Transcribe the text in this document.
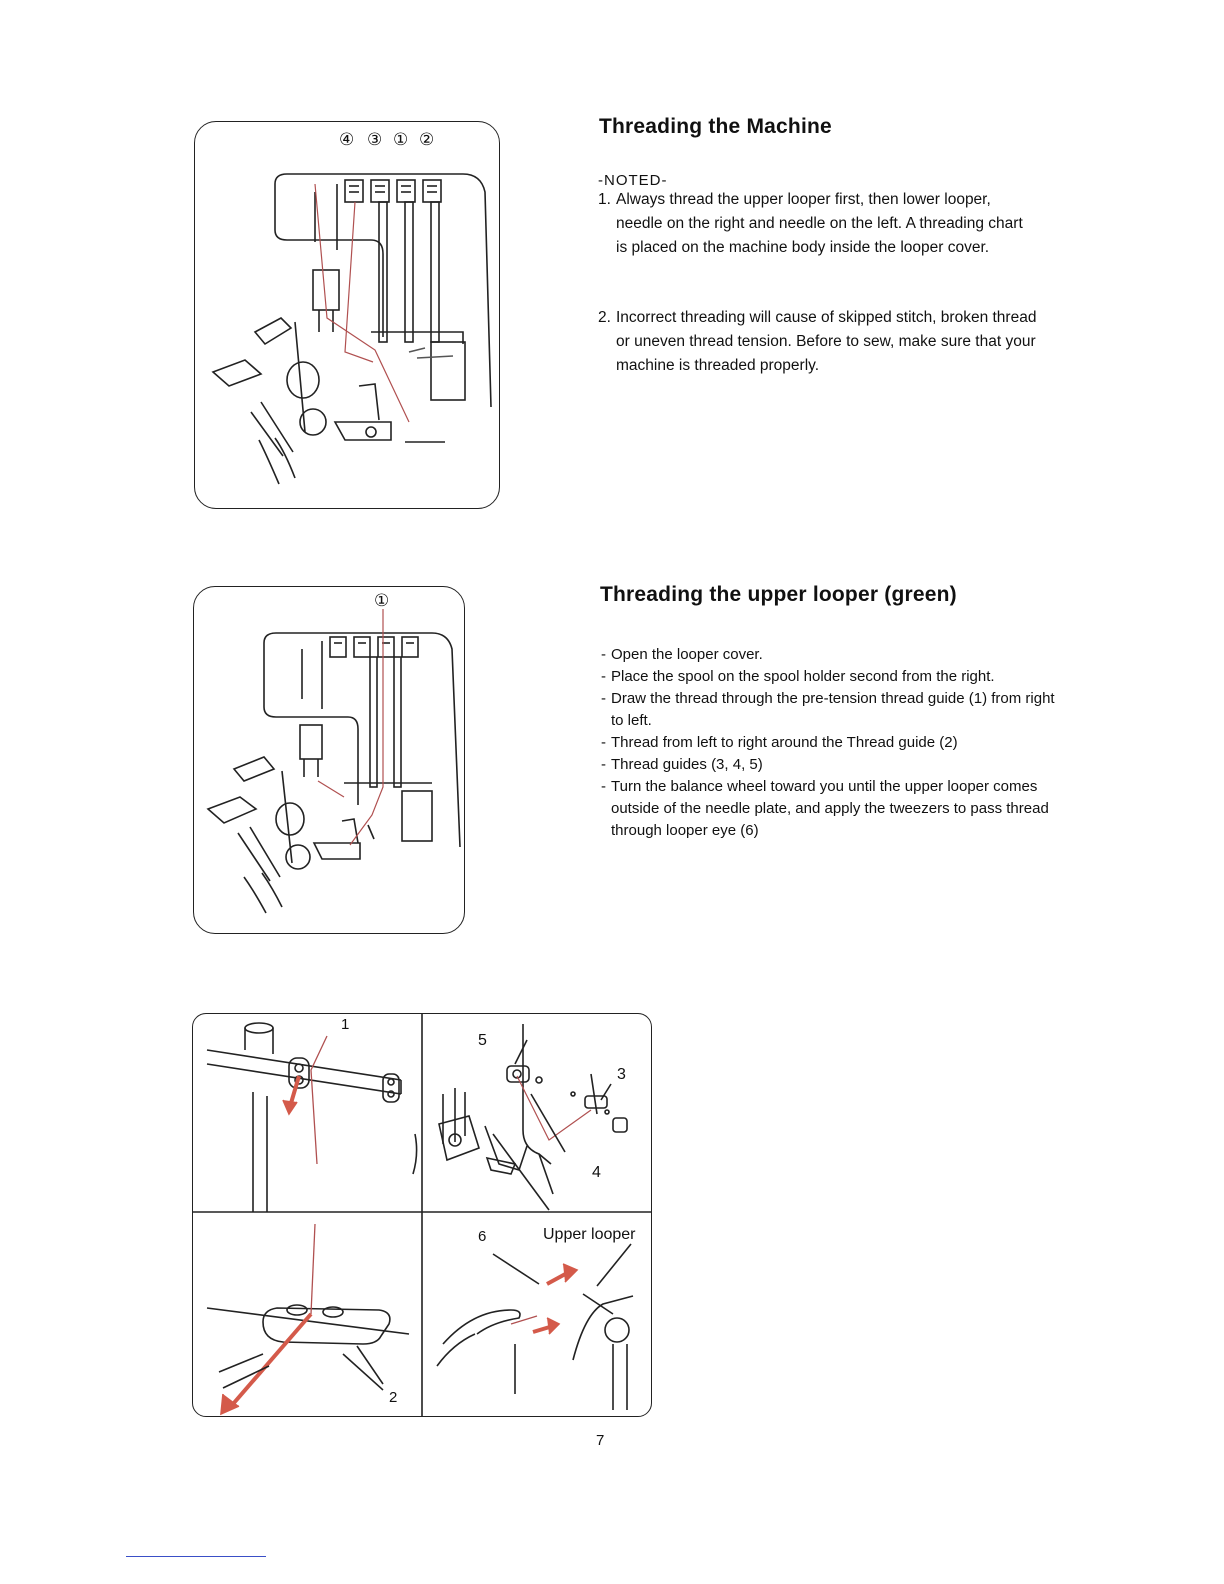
④ ③ ① ②
Threading the Machine
-NOTED-
1. Always thread the upper looper first, then lower looper, needle on the right and needle on the left. A threading chart is placed on the machine body inside the looper cover.
2. Incorrect threading will cause of skipped stitch, broken thread or uneven thread tension. Before to sew, make sure that your machine is threaded properly.
①	Threading the upper looper (green)
- Open the looper cover.
- Place the spool on the spool holder second from the right.
- Draw the thread through the pre-tension thread guide (1) from right to left.
- Thread from left to right around the Thread guide (2)
- Thread guides (3, 4, 5)
- Turn the balance wheel toward you until the upper looper comes outside of the needle plate, and apply the tweezers to pass thread through looper eye (6)
1
5
3
4
2
6	Upper looper
7
